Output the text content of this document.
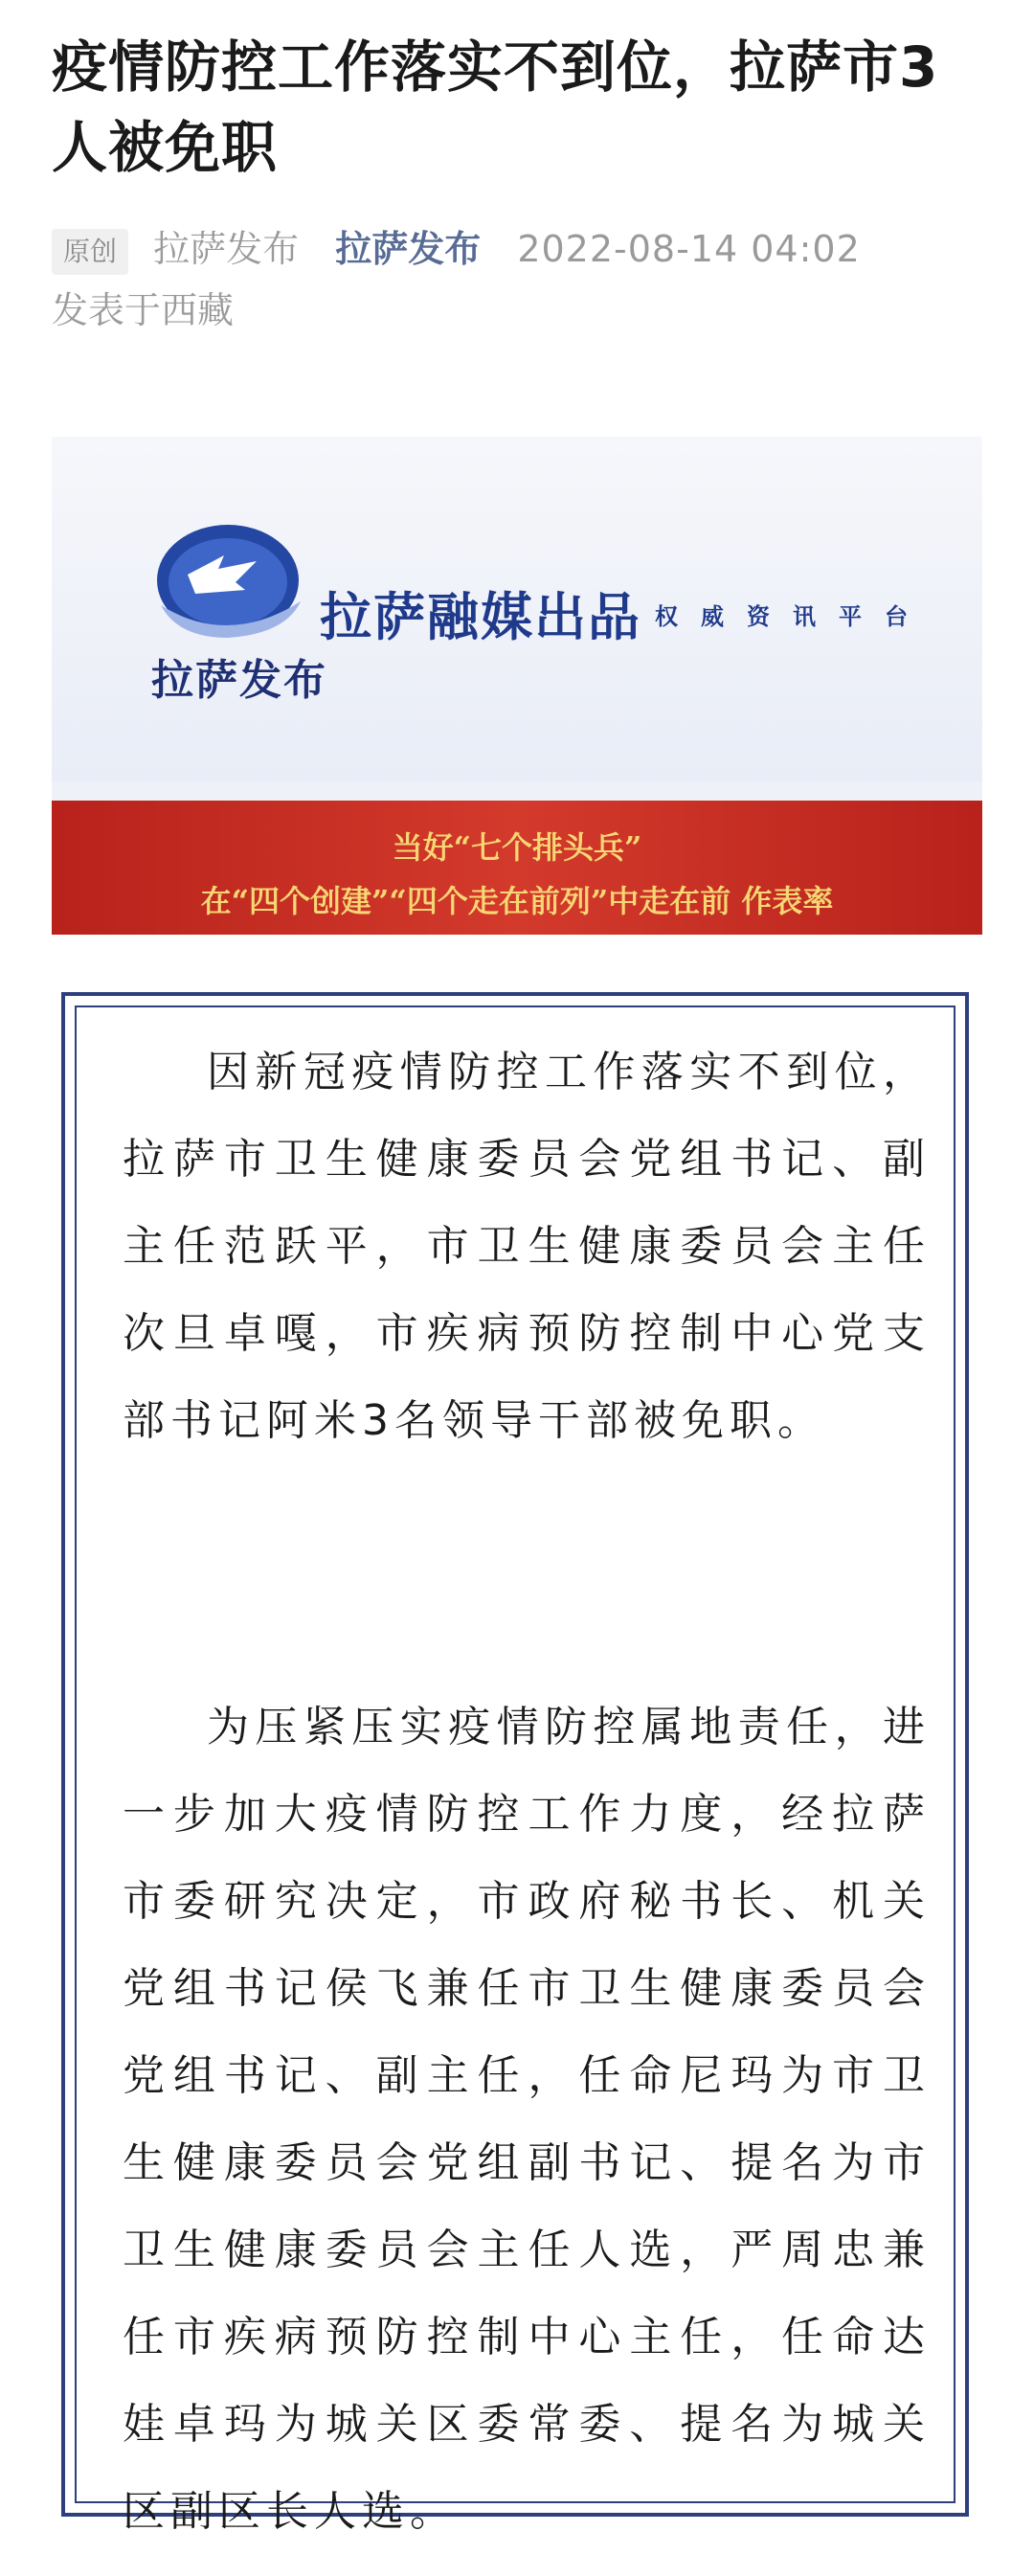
疫情防控工作落实不到位，拉萨市3人被免职
原创 拉萨发布 拉萨发布 2022-08-14 04:02
发表于西藏
拉萨发布
拉萨融媒出品 权威资讯平台
当好“七个排头兵”
在“四个创建”“四个走在前列”中走在前 作表率

因新冠疫情防控工作落实不到位，拉萨市卫生健康委员会党组书记、副主任范跃平，市卫生健康委员会主任次旦卓嘎，市疾病预防控制中心党支部书记阿米3名领导干部被免职。

为压紧压实疫情防控属地责任，进一步加大疫情防控工作力度，经拉萨市委研究决定，市政府秘书长、机关党组书记侯飞兼任市卫生健康委员会党组书记、副主任，任命尼玛为市卫生健康委员会党组副书记、提名为市卫生健康委员会主任人选，严周忠兼任市疾病预防控制中心主任，任命达娃卓玛为城关区委常委、提名为城关区副区长人选。
